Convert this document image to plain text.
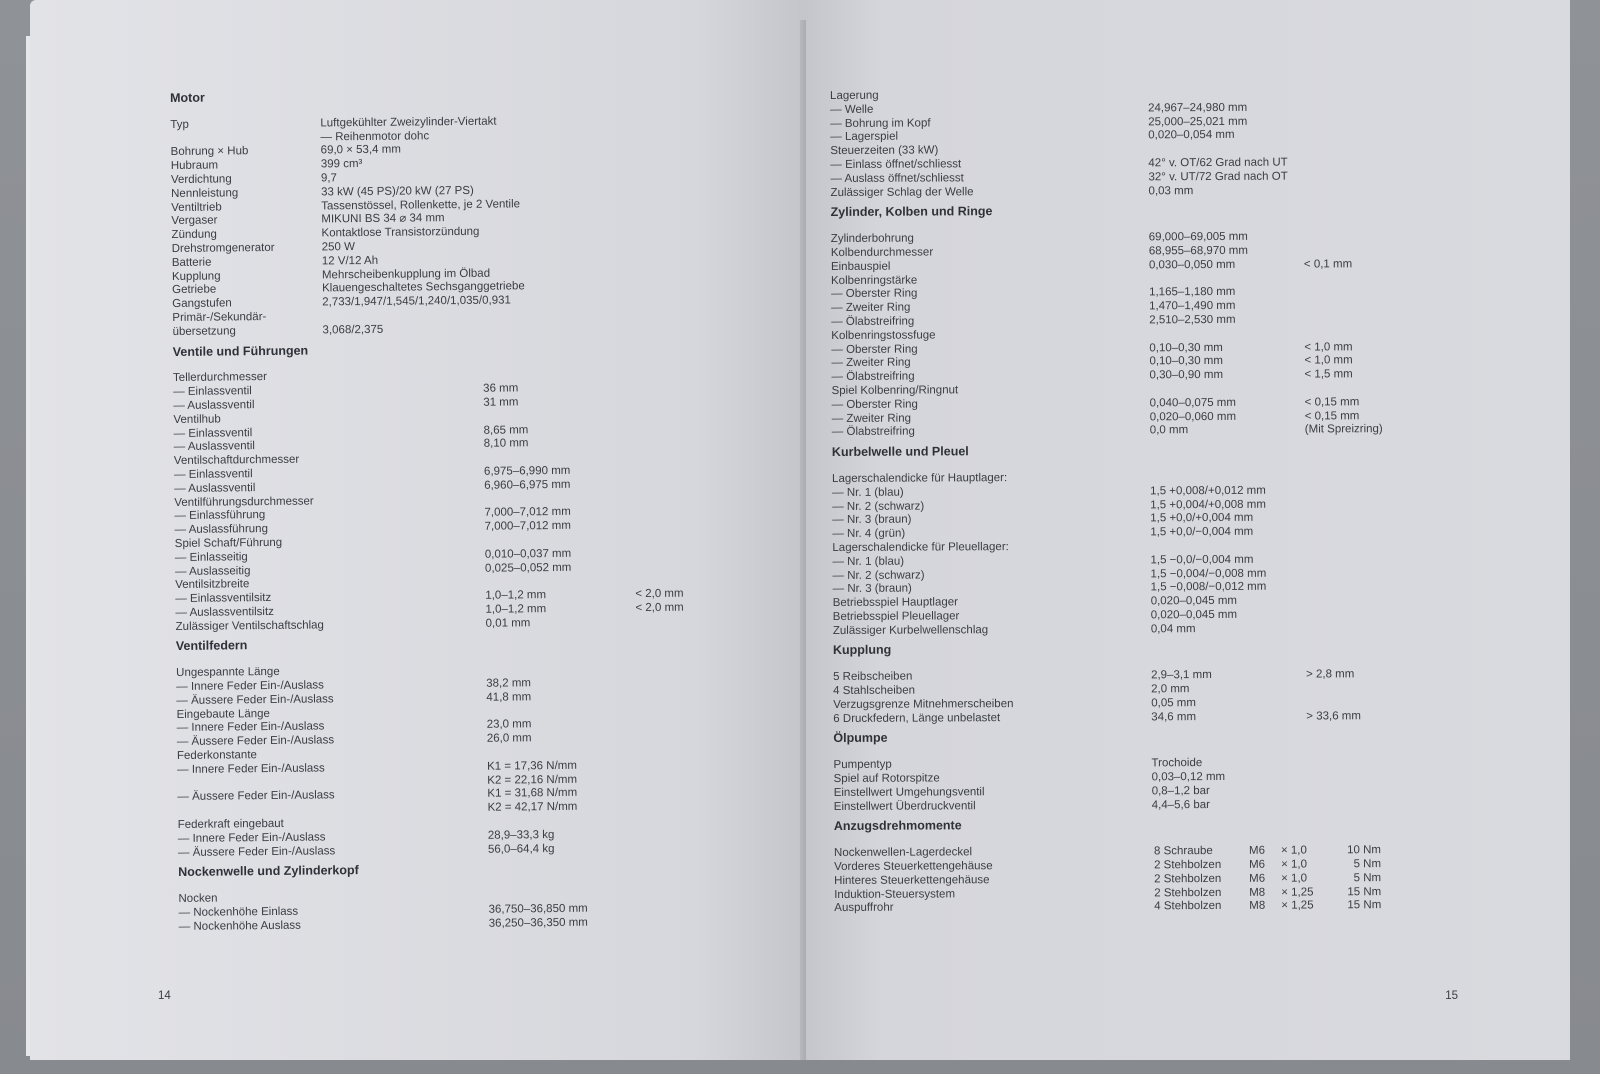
Motor
Typ	Luftgekühlter Zweizylinder-Viertakt
— Reihenmotor dohc
Bohrung × Hub	69,0 × 53,4 mm
Hubraum	399 cm³
Verdichtung	9,7
Nennleistung	33 kW (45 PS)/20 kW (27 PS)
Ventiltrieb	Tassenstössel, Rollenkette, je 2 Ventile
Vergaser	MIKUNI BS 34 ⌀ 34 mm
Zündung	Kontaktlose Transistorzündung
Drehstromgenerator	250 W
Batterie	12 V/12 Ah
Kupplung	Mehrscheibenkupplung im Ölbad
Getriebe	Klauengeschaltetes Sechsganggetriebe
Gangstufen	2,733/1,947/1,545/1,240/1,035/0,931
Primär-/Sekundär-
übersetzung	3,068/2,375
Ventile und Führungen
Tellerdurchmesser
— Einlassventil	36 mm
— Auslassventil	31 mm
Ventilhub
— Einlassventil	8,65 mm
— Auslassventil	8,10 mm
Ventilschaftdurchmesser
— Einlassventil	6,975–6,990 mm
— Auslassventil	6,960–6,975 mm
Ventilführungsdurchmesser
— Einlassführung	7,000–7,012 mm
— Auslassführung	7,000–7,012 mm
Spiel Schaft/Führung
— Einlasseitig	0,010–0,037 mm
— Auslasseitig	0,025–0,052 mm
Ventilsitzbreite
— Einlassventilsitz	1,0–1,2 mm	< 2,0 mm
— Auslassventilsitz	1,0–1,2 mm	< 2,0 mm
Zulässiger Ventilschaftschlag	0,01 mm
Ventilfedern
Ungespannte Länge
— Innere Feder Ein-/Auslass	38,2 mm
— Äussere Feder Ein-/Auslass	41,8 mm
Eingebaute Länge
— Innere Feder Ein-/Auslass	23,0 mm
— Äussere Feder Ein-/Auslass	26,0 mm
Federkonstante
— Innere Feder Ein-/Auslass	K1 = 17,36 N/mm
K2 = 22,16 N/mm
— Äussere Feder Ein-/Auslass	K1 = 31,68 N/mm
K2 = 42,17 N/mm
Federkraft eingebaut
— Innere Feder Ein-/Auslass	28,9–33,3 kg
— Äussere Feder Ein-/Auslass	56,0–64,4 kg
Nockenwelle und Zylinderkopf
Nocken
— Nockenhöhe Einlass	36,750–36,850 mm
— Nockenhöhe Auslass	36,250–36,350 mm
14
Lagerung
— Welle	24,967–24,980 mm
— Bohrung im Kopf	25,000–25,021 mm
— Lagerspiel	0,020–0,054 mm
Steuerzeiten (33 kW)
— Einlass öffnet/schliesst	42° v. OT/62 Grad nach UT
— Auslass öffnet/schliesst	32° v. UT/72 Grad nach OT
Zulässiger Schlag der Welle	0,03 mm
Zylinder, Kolben und Ringe
Zylinderbohrung	69,000–69,005 mm
Kolbendurchmesser	68,955–68,970 mm
Einbauspiel	0,030–0,050 mm	< 0,1 mm
Kolbenringstärke
— Oberster Ring	1,165–1,180 mm
— Zweiter Ring	1,470–1,490 mm
— Ölabstreifring	2,510–2,530 mm
Kolbenringstossfuge
— Oberster Ring	0,10–0,30 mm	< 1,0 mm
— Zweiter Ring	0,10–0,30 mm	< 1,0 mm
— Ölabstreifring	0,30–0,90 mm	< 1,5 mm
Spiel Kolbenring/Ringnut
— Oberster Ring	0,040–0,075 mm	< 0,15 mm
— Zweiter Ring	0,020–0,060 mm	< 0,15 mm
— Ölabstreifring	0,0 mm	(Mit Spreizring)
Kurbelwelle und Pleuel
Lagerschalendicke für Hauptlager:
— Nr. 1 (blau)	1,5 +0,008/+0,012 mm
— Nr. 2 (schwarz)	1,5 +0,004/+0,008 mm
— Nr. 3 (braun)	1,5 +0,0/+0,004 mm
— Nr. 4 (grün)	1,5 +0,0/−0,004 mm
Lagerschalendicke für Pleuellager:
— Nr. 1 (blau)	1,5 −0,0/−0,004 mm
— Nr. 2 (schwarz)	1,5 −0,004/−0,008 mm
— Nr. 3 (braun)	1,5 −0,008/−0,012 mm
Betriebsspiel Hauptlager	0,020–0,045 mm
Betriebsspiel Pleuellager	0,020–0,045 mm
Zulässiger Kurbelwellenschlag	0,04 mm
Kupplung
5 Reibscheiben	2,9–3,1 mm	> 2,8 mm
4 Stahlscheiben	2,0 mm
Verzugsgrenze Mitnehmerscheiben	0,05 mm
6 Druckfedern, Länge unbelastet	34,6 mm	> 33,6 mm
Ölpumpe
Pumpentyp	Trochoide
Spiel auf Rotorspitze	0,03–0,12 mm
Einstellwert Umgehungsventil	0,8–1,2 bar
Einstellwert Überdruckventil	4,4–5,6 bar
Anzugsdrehmomente
Nockenwellen-Lagerdeckel	8 Schraube	M6	× 1,0	10 Nm
Vorderes Steuerkettengehäuse	2 Stehbolzen	M6	× 1,0	5 Nm
Hinteres Steuerkettengehäuse	2 Stehbolzen	M6	× 1,0	5 Nm
Induktion-Steuersystem	2 Stehbolzen	M8	× 1,25	15 Nm
Auspuffrohr	4 Stehbolzen	M8	× 1,25	15 Nm
15
